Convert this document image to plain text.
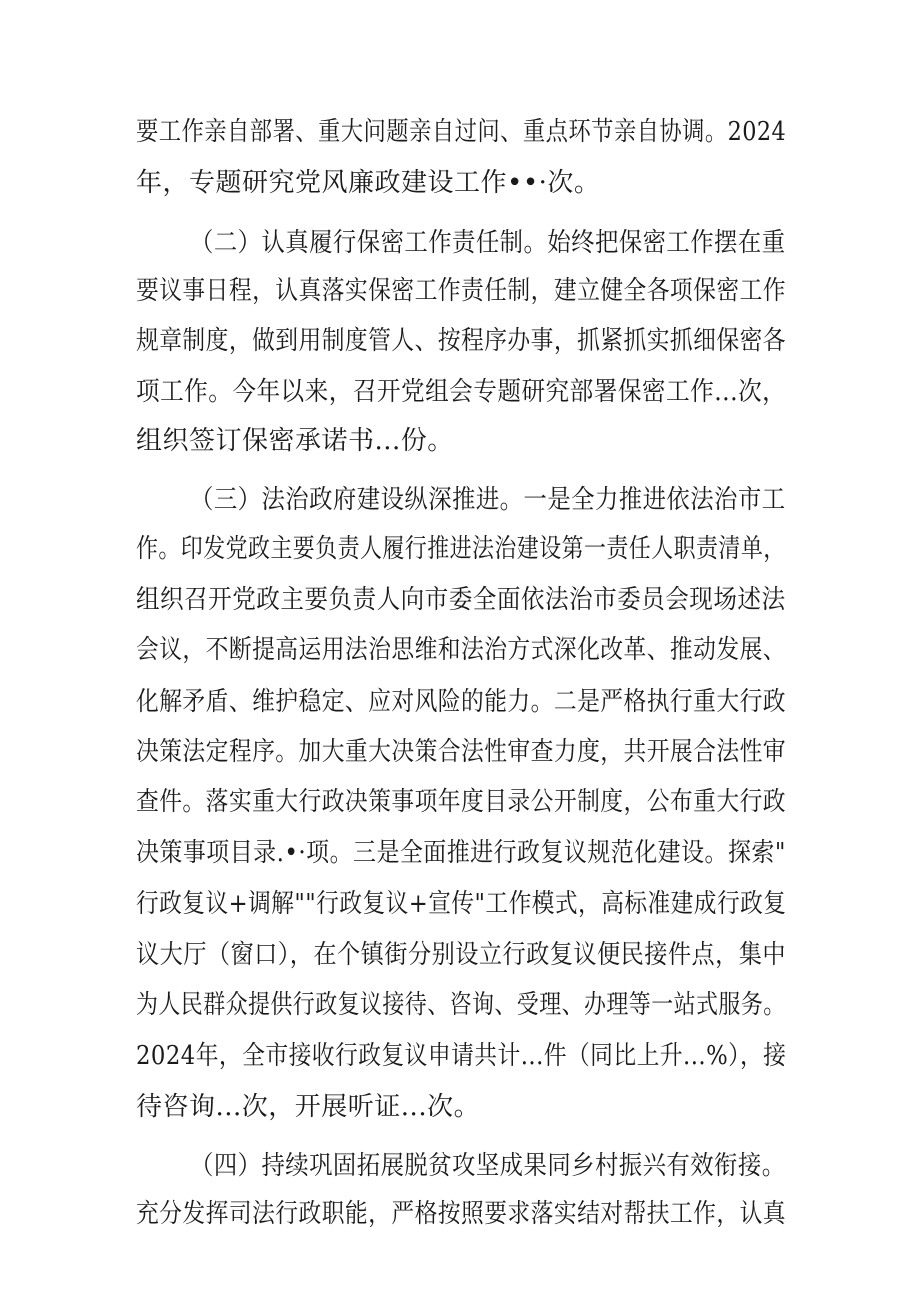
要工作亲自部署、重大问题亲自过问、重点环节亲自协调。2024
年，专题研究党风廉政建设工作••·次。
（二）认真履行保密工作责任制。始终把保密工作摆在重
要议事日程，认真落实保密工作责任制，建立健全各项保密工作
规章制度，做到用制度管人、按程序办事，抓紧抓实抓细保密各
项工作。今年以来，召开党组会专题研究部署保密工作...次，
组织签订保密承诺书...份。
（三）法治政府建设纵深推进。一是全力推进依法治市工
作。印发党政主要负责人履行推进法治建设第一责任人职责清单，
组织召开党政主要负责人向市委全面依法治市委员会现场述法
会议，不断提高运用法治思维和法治方式深化改革、推动发展、
化解矛盾、维护稳定、应对风险的能力。二是严格执行重大行政
决策法定程序。加大重大决策合法性审查力度，共开展合法性审
查件。落实重大行政决策事项年度目录公开制度，公布重大行政
决策事项目录.•·项。三是全面推进行政复议规范化建设。探索"
行政复议+调解""行政复议+宣传"工作模式，高标准建成行政复
议大厅（窗口），在个镇街分别设立行政复议便民接件点，集中
为人民群众提供行政复议接待、咨询、受理、办理等一站式服务。
2024年，全市接收行政复议申请共计...件（同比上升...%），接
待咨询...次，开展听证...次。
（四）持续巩固拓展脱贫攻坚成果同乡村振兴有效衔接。
充分发挥司法行政职能，严格按照要求落实结对帮扶工作，认真
